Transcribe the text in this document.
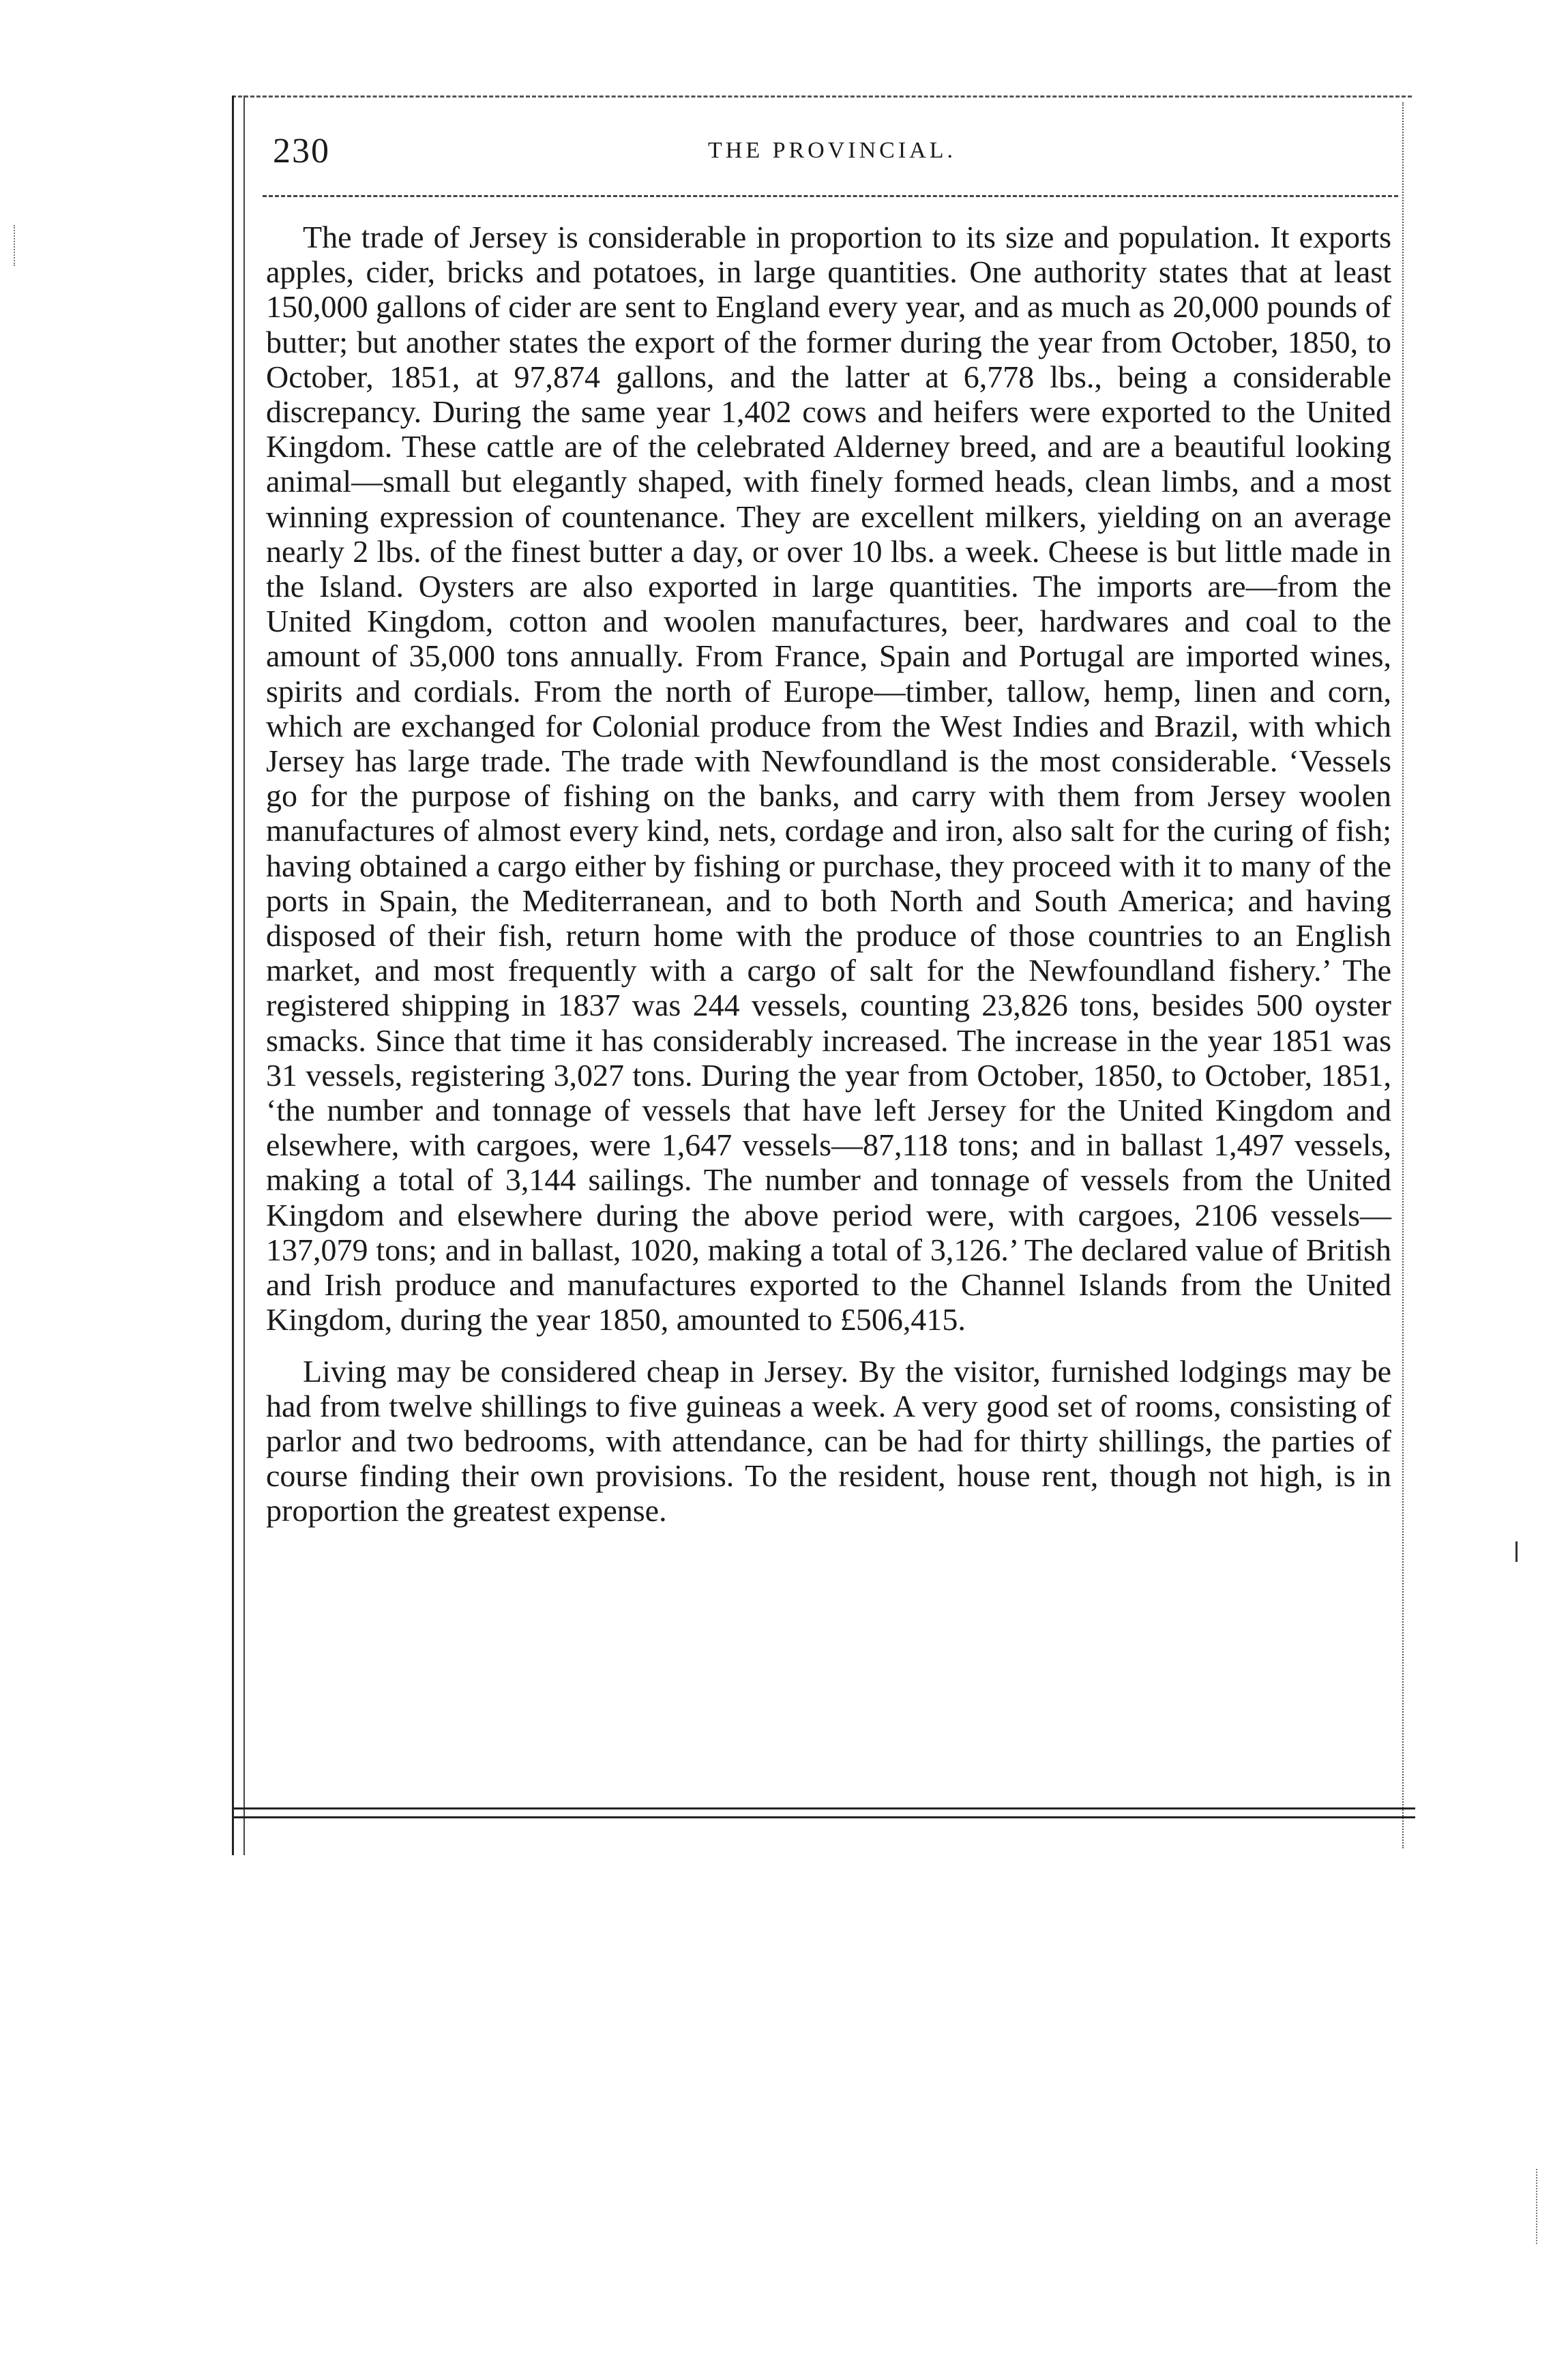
230	THE PROVINCIAL.

The trade of Jersey is considerable in proportion to its size and population. It exports apples, cider, bricks and potatoes, in large quantities. One authority states that at least 150,000 gallons of cider are sent to England every year, and as much as 20,000 pounds of butter; but another states the export of the former during the year from October, 1850, to October, 1851, at 97,874 gallons, and the latter at 6,778 lbs., being a considerable discrepancy. During the same year 1,402 cows and heifers were exported to the United Kingdom. These cattle are of the celebrated Alderney breed, and are a beautiful looking animal—small but elegantly shaped, with finely formed heads, clean limbs, and a most winning expression of countenance. They are excellent milkers, yielding on an average nearly 2 lbs. of the finest butter a day, or over 10 lbs. a week. Cheese is but little made in the Island. Oysters are also exported in large quantities. The imports are—from the United Kingdom, cotton and woolen manufactures, beer, hardwares and coal to the amount of 35,000 tons annually. From France, Spain and Portugal are imported wines, spirits and cordials. From the north of Europe—timber, tallow, hemp, linen and corn, which are exchanged for Colonial produce from the West Indies and Brazil, with which Jersey has large trade. The trade with Newfoundland is the most considerable. ‘Vessels go for the purpose of fishing on the banks, and carry with them from Jersey woolen manufactures of almost every kind, nets, cordage and iron, also salt for the curing of fish; having obtained a cargo either by fishing or purchase, they proceed with it to many of the ports in Spain, the Mediterranean, and to both North and South America; and having disposed of their fish, return home with the produce of those countries to an English market, and most frequently with a cargo of salt for the Newfoundland fishery.’ The registered shipping in 1837 was 244 vessels, counting 23,826 tons, besides 500 oyster smacks. Since that time it has considerably increased. The increase in the year 1851 was 31 vessels, registering 3,027 tons. During the year from October, 1850, to October, 1851, ‘the number and tonnage of vessels that have left Jersey for the United Kingdom and elsewhere, with cargoes, were 1,647 vessels—87,118 tons; and in ballast 1,497 vessels, making a total of 3,144 sailings. The number and tonnage of vessels from the United Kingdom and elsewhere during the above period were, with cargoes, 2106 vessels—137,079 tons; and in ballast, 1020, making a total of 3,126.’ The declared value of British and Irish produce and manufactures exported to the Channel Islands from the United Kingdom, during the year 1850, amounted to £506,415.

Living may be considered cheap in Jersey. By the visitor, furnished lodgings may be had from twelve shillings to five guineas a week. A very good set of rooms, consisting of parlor and two bedrooms, with attendance, can be had for thirty shillings, the parties of course finding their own provisions. To the resident, house rent, though not high, is in proportion the greatest expense.
